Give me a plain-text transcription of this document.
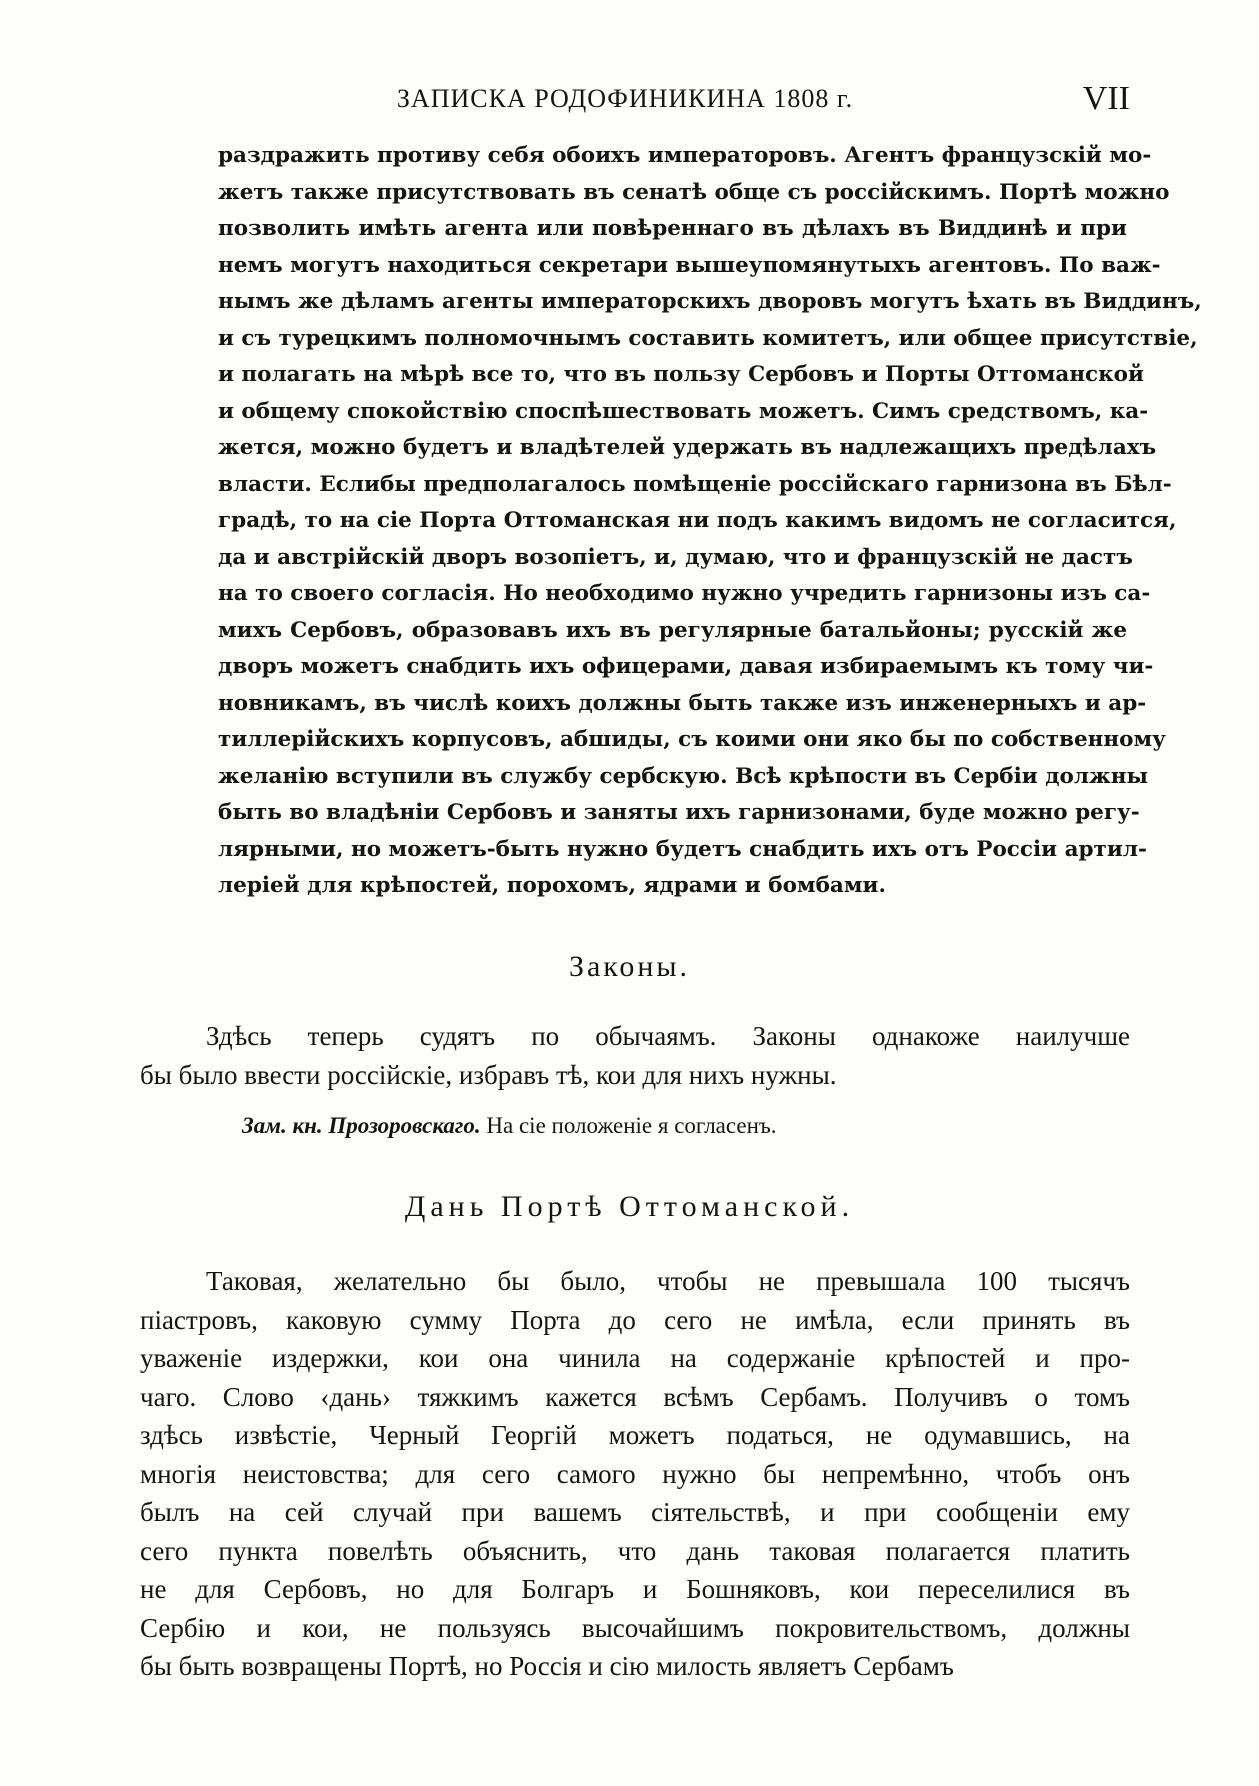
ЗАПИСКА РОДОФИНИКИНА 1808 г.	VII
раздражить противу себя обоихъ императоровъ. Агентъ французскій мо-
жетъ также присутствовать въ сенатѣ обще съ россійскимъ. Портѣ можно
позволить имѣть агента или повѣреннаго въ дѣлахъ въ Виддинѣ и при
немъ могутъ находиться секретари вышеупомянутыхъ агентовъ. По важ-
нымъ же дѣламъ агенты императорскихъ дворовъ могутъ ѣхать въ Виддинъ,
и съ турецкимъ полномочнымъ составить комитетъ, или общее присутствіе,
и полагать на мѣрѣ все то, что въ пользу Сербовъ и Порты Оттоманской
и общему спокойствію споспѣшествовать можетъ. Симъ средствомъ, ка-
жется, можно будетъ и владѣтелей удержать въ надлежащихъ предѣлахъ
власти. Еслибы предполагалось помѣщеніе россійскаго гарнизона въ Бѣл-
градѣ, то на сіе Порта Оттоманская ни подъ какимъ видомъ не согласится,
да и австрійскій дворъ возопіетъ, и, думаю, что и французскій не дастъ
на то своего согласія. Но необходимо нужно учредить гарнизоны изъ са-
михъ Сербовъ, образовавъ ихъ въ регулярные батальйоны; русскій же
дворъ можетъ снабдить ихъ офицерами, давая избираемымъ къ тому чи-
новникамъ, въ числѣ коихъ должны быть также изъ инженерныхъ и ар-
тиллерійскихъ корпусовъ, абшиды, съ коими они яко бы по собственному
желанію вступили въ службу сербскую. Всѣ крѣпости въ Сербіи должны
быть во владѣніи Сербовъ и заняты ихъ гарнизонами, буде можно регу-
лярными, но можетъ-быть нужно будетъ снабдить ихъ отъ Россіи артил-
леріей для крѣпостей, порохомъ, ядрами и бомбами.
Законы.
Здѣсь теперь судятъ по обычаямъ. Законы однакоже наилучше
бы было ввести россійскіе, избравъ тѣ, кои для нихъ нужны.
Зам. кн. Прозоровскаго. На сіе положеніе я согласенъ.
Дань Портѣ Оттоманской.
Таковая, желательно бы было, чтобы не превышала 100 тысячъ
піастровъ, каковую сумму Порта до сего не имѣла, если принять въ
уваженіе издержки, кои она чинила на содержаніе крѣпостей и про-
чаго. Слово ‹дань› тяжкимъ кажется всѣмъ Сербамъ. Получивъ о томъ
здѣсь извѣстіе, Черный Георгій можетъ податься, не одумавшись, на
многія неистовства; для сего самого нужно бы непремѣнно, чтобъ онъ
былъ на сей случай при вашемъ сіятельствѣ, и при сообщеніи ему
сего пункта повелѣть объяснить, что дань таковая полагается платить
не для Сербовъ, но для Болгаръ и Бошняковъ, кои переселилися въ
Сербію и кои, не пользуясь высочайшимъ покровительствомъ, должны
бы быть возвращены Портѣ, но Россія и сію милость являетъ Сербамъ
